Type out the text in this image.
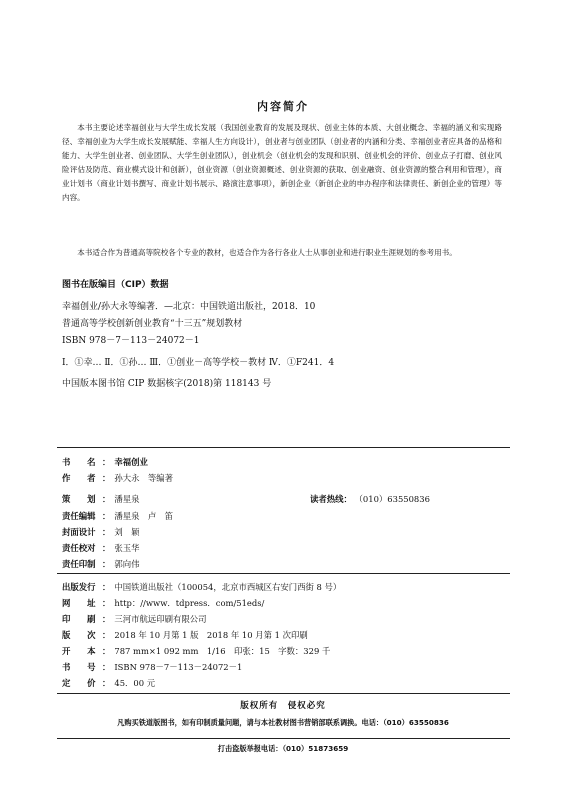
内容简介

本书主要论述幸福创业与大学生成长发展（我国创业教育的发展及现状、创业主体的本质、大创业概念、幸福的涵义和实现路径、幸福创业为大学生成长发展赋能、幸福人生方向设计），创业者与创业团队（创业者的内涵和分类、幸福创业者应具备的品格和能力、大学生创业者、创业团队、大学生创业团队），创业机会（创业机会的发现和识别、创业机会的评价、创业点子打磨、创业风险评估及防范、商业模式设计和创新），创业资源（创业资源概述、创业资源的获取、创业融资、创业资源的整合利用和管理），商业计划书（商业计划书撰写、商业计划书展示、路演注意事项），新创企业（新创企业的申办程序和法律责任、新创企业的管理）等内容。

本书适合作为普通高等院校各个专业的教材，也适合作为各行各业人士从事创业和进行职业生涯规划的参考用书。

图书在版编目（CIP）数据
幸福创业/孙大永等编著．—北京：中国铁道出版社，2018．10
普通高等学校创新创业教育“十三五”规划教材
ISBN 978－7－113－24072－1
Ⅰ．①幸… Ⅱ．①孙… Ⅲ．①创业－高等学校－教材 Ⅳ．①F241．4
中国版本图书馆 CIP 数据核字(2018)第 118143 号
书　　名 ： 幸福创业
作　　者 ： 孙大永　等编著
策　　划 ： 潘星泉	读者热线： （010）63550836
责任编辑 ： 潘星泉　卢　笛
封面设计 ： 刘　颖
责任校对 ： 张玉华
责任印制 ： 郭向伟
出版发行 ： 中国铁道出版社（100054，北京市西城区右安门西街 8 号）
网　　址 ： http：//www．tdpress．com/51eds/
印　　刷 ： 三河市航远印刷有限公司
版　　次 ： 2018 年 10 月第 1 版　2018 年 10 月第 1 次印刷
开　　本 ： 787 mm×1 092 mm　1/16　印张：15　字数：329 千
书　　号 ： ISBN 978－7－113－24072－1
定　　价 ： 45．00 元
版权所有　侵权必究
凡购买铁道版图书，如有印制质量问题，请与本社教材图书营销部联系调换。电话：（010）63550836
打击盗版举报电话：（010）51873659
